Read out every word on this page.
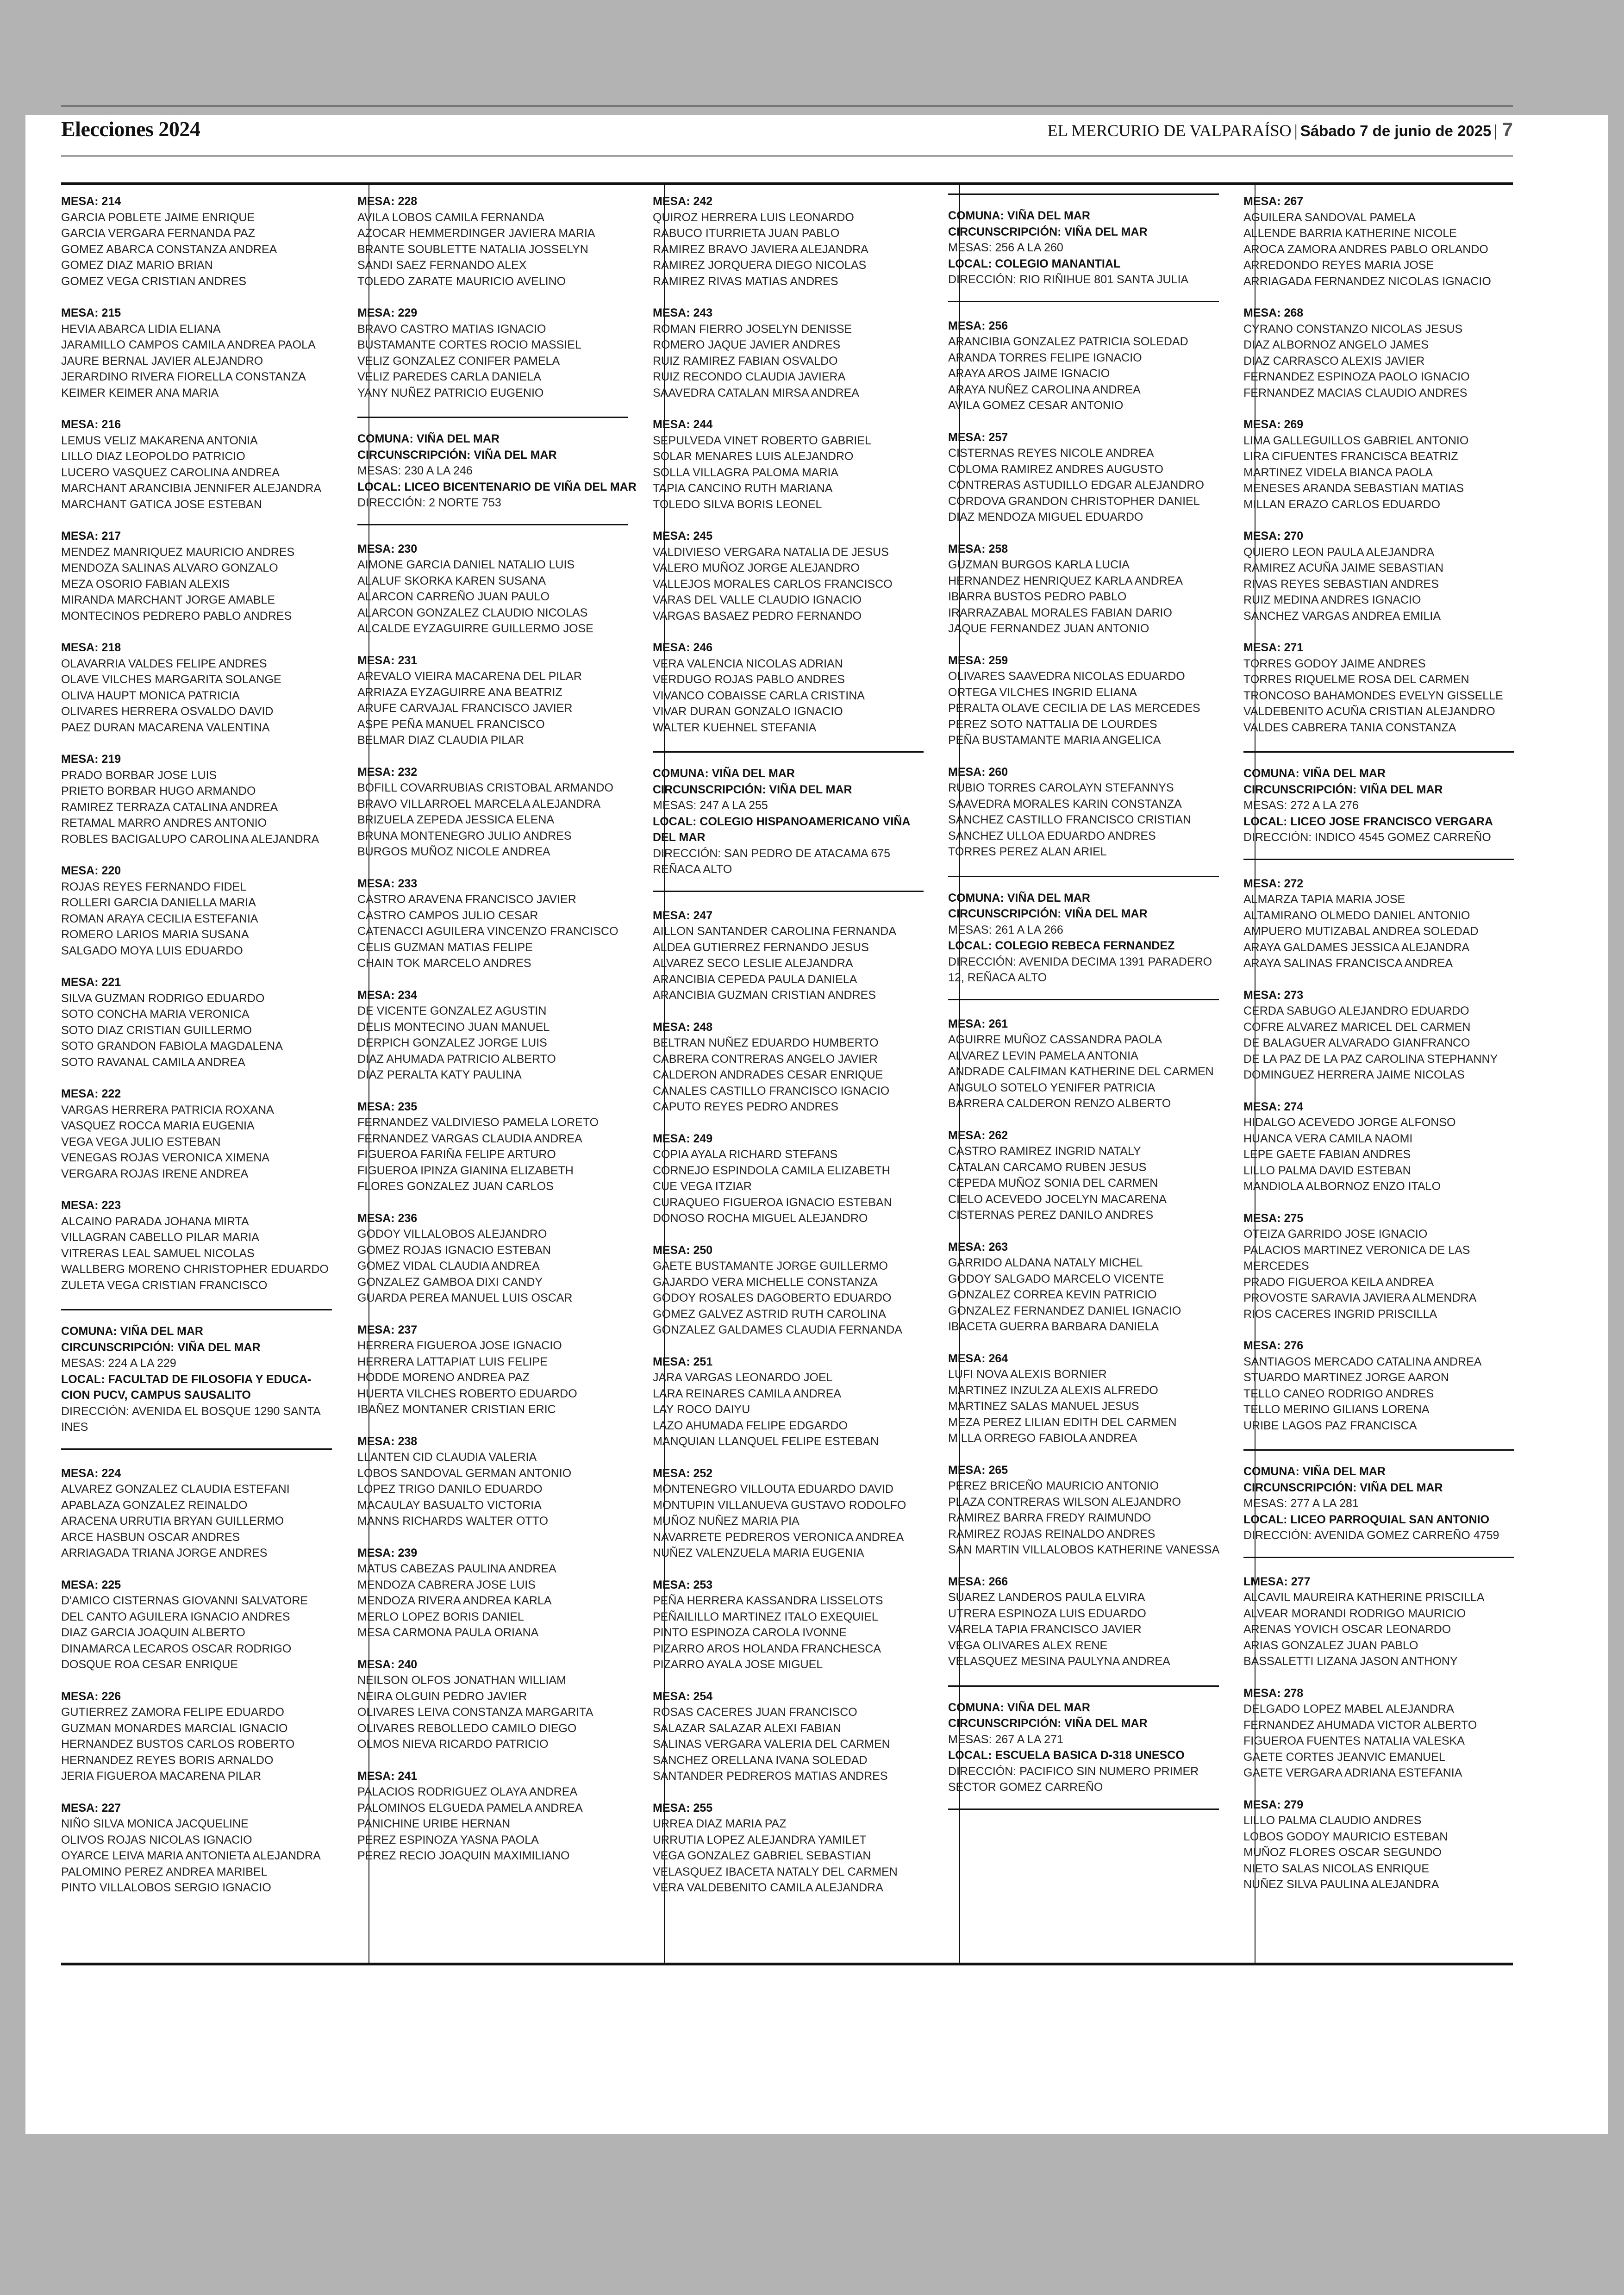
Elecciones 2024	EL MERCURIO DE VALPARAÍSO | Sábado 7 de junio de 2025 | 7
MESA: 214
GARCIA POBLETE JAIME ENRIQUE
GARCIA VERGARA FERNANDA PAZ
GOMEZ ABARCA CONSTANZA ANDREA
GOMEZ DIAZ MARIO BRIAN
GOMEZ VEGA CRISTIAN ANDRES
MESA: 215
HEVIA ABARCA LIDIA ELIANA
JARAMILLO CAMPOS CAMILA ANDREA PAOLA
JAURE BERNAL JAVIER ALEJANDRO
JERARDINO RIVERA FIORELLA CONSTANZA
KEIMER KEIMER ANA MARIA
MESA: 216
LEMUS VELIZ MAKARENA ANTONIA
LILLO DIAZ LEOPOLDO PATRICIO
LUCERO VASQUEZ CAROLINA ANDREA
MARCHANT ARANCIBIA JENNIFER ALEJANDRA
MARCHANT GATICA JOSE ESTEBAN
MESA: 217
MENDEZ MANRIQUEZ MAURICIO ANDRES
MENDOZA SALINAS ALVARO GONZALO
MEZA OSORIO FABIAN ALEXIS
MIRANDA MARCHANT JORGE AMABLE
MONTECINOS PEDRERO PABLO ANDRES
MESA: 218
OLAVARRIA VALDES FELIPE ANDRES
OLAVE VILCHES MARGARITA SOLANGE
OLIVA HAUPT MONICA PATRICIA
OLIVARES HERRERA OSVALDO DAVID
PAEZ DURAN MACARENA VALENTINA
MESA: 219
PRADO BORBAR JOSE LUIS
PRIETO BORBAR HUGO ARMANDO
RAMIREZ TERRAZA CATALINA ANDREA
RETAMAL MARRO ANDRES ANTONIO
ROBLES BACIGALUPO CAROLINA ALEJANDRA
MESA: 220
ROJAS REYES FERNANDO FIDEL
ROLLERI GARCIA DANIELLA MARIA
ROMAN ARAYA CECILIA ESTEFANIA
ROMERO LARIOS MARIA SUSANA
SALGADO MOYA LUIS EDUARDO
MESA: 221
SILVA GUZMAN RODRIGO EDUARDO
SOTO CONCHA MARIA VERONICA
SOTO DIAZ CRISTIAN GUILLERMO
SOTO GRANDON FABIOLA MAGDALENA
SOTO RAVANAL CAMILA ANDREA
MESA: 222
VARGAS HERRERA PATRICIA ROXANA
VASQUEZ ROCCA MARIA EUGENIA
VEGA VEGA JULIO ESTEBAN
VENEGAS ROJAS VERONICA XIMENA
VERGARA ROJAS IRENE ANDREA
MESA: 223
ALCAINO PARADA JOHANA MIRTA
VILLAGRAN CABELLO PILAR MARIA
VITRERAS LEAL SAMUEL NICOLAS
WALLBERG MORENO CHRISTOPHER EDUARDO
ZULETA VEGA CRISTIAN FRANCISCO
COMUNA: VIÑA DEL MAR
CIRCUNSCRIPCIÓN: VIÑA DEL MAR
MESAS: 224 A LA 229
LOCAL: FACULTAD DE FILOSOFIA Y EDUCA-
CION PUCV, CAMPUS SAUSALITO
DIRECCIÓN: AVENIDA EL BOSQUE 1290 SANTA
INES
MESA: 224
ALVAREZ GONZALEZ CLAUDIA ESTEFANI
APABLAZA GONZALEZ REINALDO
ARACENA URRUTIA BRYAN GUILLERMO
ARCE HASBUN OSCAR ANDRES
ARRIAGADA TRIANA JORGE ANDRES
MESA: 225
D'AMICO CISTERNAS GIOVANNI SALVATORE
DEL CANTO AGUILERA IGNACIO ANDRES
DIAZ GARCIA JOAQUIN ALBERTO
DINAMARCA LECAROS OSCAR RODRIGO
DOSQUE ROA CESAR ENRIQUE
MESA: 226
GUTIERREZ ZAMORA FELIPE EDUARDO
GUZMAN MONARDES MARCIAL IGNACIO
HERNANDEZ BUSTOS CARLOS ROBERTO
HERNANDEZ REYES BORIS ARNALDO
JERIA FIGUEROA MACARENA PILAR
MESA: 227
NIÑO SILVA MONICA JACQUELINE
OLIVOS ROJAS NICOLAS IGNACIO
OYARCE LEIVA MARIA ANTONIETA ALEJANDRA
PALOMINO PEREZ ANDREA MARIBEL
PINTO VILLALOBOS SERGIO IGNACIO
MESA: 228
AVILA LOBOS CAMILA FERNANDA
AZOCAR HEMMERDINGER JAVIERA MARIA
BRANTE SOUBLETTE NATALIA JOSSELYN
SANDI SAEZ FERNANDO ALEX
TOLEDO ZARATE MAURICIO AVELINO
MESA: 229
BRAVO CASTRO MATIAS IGNACIO
BUSTAMANTE CORTES ROCIO MASSIEL
VELIZ GONZALEZ CONIFER PAMELA
VELIZ PAREDES CARLA DANIELA
YANY NUÑEZ PATRICIO EUGENIO
COMUNA: VIÑA DEL MAR
CIRCUNSCRIPCIÓN: VIÑA DEL MAR
MESAS: 230 A LA 246
LOCAL: LICEO BICENTENARIO DE VIÑA DEL MAR
DIRECCIÓN: 2 NORTE 753
MESA: 230
AIMONE GARCIA DANIEL NATALIO LUIS
ALALUF SKORKA KAREN SUSANA
ALARCON CARREÑO JUAN PAULO
ALARCON GONZALEZ CLAUDIO NICOLAS
ALCALDE EYZAGUIRRE GUILLERMO JOSE
MESA: 231
AREVALO VIEIRA MACARENA DEL PILAR
ARRIAZA EYZAGUIRRE ANA BEATRIZ
ARUFE CARVAJAL FRANCISCO JAVIER
ASPE PEÑA MANUEL FRANCISCO
BELMAR DIAZ CLAUDIA PILAR
MESA: 232
BOFILL COVARRUBIAS CRISTOBAL ARMANDO
BRAVO VILLARROEL MARCELA ALEJANDRA
BRIZUELA ZEPEDA JESSICA ELENA
BRUNA MONTENEGRO JULIO ANDRES
BURGOS MUÑOZ NICOLE ANDREA
MESA: 233
CASTRO ARAVENA FRANCISCO JAVIER
CASTRO CAMPOS JULIO CESAR
CATENACCI AGUILERA VINCENZO FRANCISCO
CELIS GUZMAN MATIAS FELIPE
CHAIN TOK MARCELO ANDRES
MESA: 234
DE VICENTE GONZALEZ AGUSTIN
DELIS MONTECINO JUAN MANUEL
DERPICH GONZALEZ JORGE LUIS
DIAZ AHUMADA PATRICIO ALBERTO
DIAZ PERALTA KATY PAULINA
MESA: 235
FERNANDEZ VALDIVIESO PAMELA LORETO
FERNANDEZ VARGAS CLAUDIA ANDREA
FIGUEROA FARIÑA FELIPE ARTURO
FIGUEROA IPINZA GIANINA ELIZABETH
FLORES GONZALEZ JUAN CARLOS
MESA: 236
GODOY VILLALOBOS ALEJANDRO
GOMEZ ROJAS IGNACIO ESTEBAN
GOMEZ VIDAL CLAUDIA ANDREA
GONZALEZ GAMBOA DIXI CANDY
GUARDA PEREA MANUEL LUIS OSCAR
MESA: 237
HERRERA FIGUEROA JOSE IGNACIO
HERRERA LATTAPIAT LUIS FELIPE
HODDE MORENO ANDREA PAZ
HUERTA VILCHES ROBERTO EDUARDO
IBAÑEZ MONTANER CRISTIAN ERIC
MESA: 238
LLANTEN CID CLAUDIA VALERIA
LOBOS SANDOVAL GERMAN ANTONIO
LOPEZ TRIGO DANILO EDUARDO
MACAULAY BASUALTO VICTORIA
MANNS RICHARDS WALTER OTTO
MESA: 239
MATUS CABEZAS PAULINA ANDREA
MENDOZA CABRERA JOSE LUIS
MENDOZA RIVERA ANDREA KARLA
MERLO LOPEZ BORIS DANIEL
MESA CARMONA PAULA ORIANA
MESA: 240
NEILSON OLFOS JONATHAN WILLIAM
NEIRA OLGUIN PEDRO JAVIER
OLIVARES LEIVA CONSTANZA MARGARITA
OLIVARES REBOLLEDO CAMILO DIEGO
OLMOS NIEVA RICARDO PATRICIO
MESA: 241
PALACIOS RODRIGUEZ OLAYA ANDREA
PALOMINOS ELGUEDA PAMELA ANDREA
PANICHINE URIBE HERNAN
PEREZ ESPINOZA YASNA PAOLA
PEREZ RECIO JOAQUIN MAXIMILIANO
MESA: 242
QUIROZ HERRERA LUIS LEONARDO
RABUCO ITURRIETA JUAN PABLO
RAMIREZ BRAVO JAVIERA ALEJANDRA
RAMIREZ JORQUERA DIEGO NICOLAS
RAMIREZ RIVAS MATIAS ANDRES
MESA: 243
ROMAN FIERRO JOSELYN DENISSE
ROMERO JAQUE JAVIER ANDRES
RUIZ RAMIREZ FABIAN OSVALDO
RUIZ RECONDO CLAUDIA JAVIERA
SAAVEDRA CATALAN MIRSA ANDREA
MESA: 244
SEPULVEDA VINET ROBERTO GABRIEL
SOLAR MENARES LUIS ALEJANDRO
SOLLA VILLAGRA PALOMA MARIA
TAPIA CANCINO RUTH MARIANA
TOLEDO SILVA BORIS LEONEL
MESA: 245
VALDIVIESO VERGARA NATALIA DE JESUS
VALERO MUÑOZ JORGE ALEJANDRO
VALLEJOS MORALES CARLOS FRANCISCO
VARAS DEL VALLE CLAUDIO IGNACIO
VARGAS BASAEZ PEDRO FERNANDO
MESA: 246
VERA VALENCIA NICOLAS ADRIAN
VERDUGO ROJAS PABLO ANDRES
VIVANCO COBAISSE CARLA CRISTINA
VIVAR DURAN GONZALO IGNACIO
WALTER KUEHNEL STEFANIA
COMUNA: VIÑA DEL MAR
CIRCUNSCRIPCIÓN: VIÑA DEL MAR
MESAS: 247 A LA 255
LOCAL: COLEGIO HISPANOAMERICANO VIÑA
DEL MAR
DIRECCIÓN: SAN PEDRO DE ATACAMA 675
REÑACA ALTO
MESA: 247
AILLON SANTANDER CAROLINA FERNANDA
ALDEA GUTIERREZ FERNANDO JESUS
ALVAREZ SECO LESLIE ALEJANDRA
ARANCIBIA CEPEDA PAULA DANIELA
ARANCIBIA GUZMAN CRISTIAN ANDRES
MESA: 248
BELTRAN NUÑEZ EDUARDO HUMBERTO
CABRERA CONTRERAS ANGELO JAVIER
CALDERON ANDRADES CESAR ENRIQUE
CANALES CASTILLO FRANCISCO IGNACIO
CAPUTO REYES PEDRO ANDRES
MESA: 249
COPIA AYALA RICHARD STEFANS
CORNEJO ESPINDOLA CAMILA ELIZABETH
CUE VEGA ITZIAR
CURAQUEO FIGUEROA IGNACIO ESTEBAN
DONOSO ROCHA MIGUEL ALEJANDRO
MESA: 250
GAETE BUSTAMANTE JORGE GUILLERMO
GAJARDO VERA MICHELLE CONSTANZA
GODOY ROSALES DAGOBERTO EDUARDO
GOMEZ GALVEZ ASTRID RUTH CAROLINA
GONZALEZ GALDAMES CLAUDIA FERNANDA
MESA: 251
JARA VARGAS LEONARDO JOEL
LARA REINARES CAMILA ANDREA
LAY ROCO DAIYU
LAZO AHUMADA FELIPE EDGARDO
MANQUIAN LLANQUEL FELIPE ESTEBAN
MESA: 252
MONTENEGRO VILLOUTA EDUARDO DAVID
MONTUPIN VILLANUEVA GUSTAVO RODOLFO
MUÑOZ NUÑEZ MARIA PIA
NAVARRETE PEDREROS VERONICA ANDREA
NUÑEZ VALENZUELA MARIA EUGENIA
MESA: 253
PEÑA HERRERA KASSANDRA LISSELOTS
PEÑAILILLO MARTINEZ ITALO EXEQUIEL
PINTO ESPINOZA CAROLA IVONNE
PIZARRO AROS HOLANDA FRANCHESCA
PIZARRO AYALA JOSE MIGUEL
MESA: 254
ROSAS CACERES JUAN FRANCISCO
SALAZAR SALAZAR ALEXI FABIAN
SALINAS VERGARA VALERIA DEL CARMEN
SANCHEZ ORELLANA IVANA SOLEDAD
SANTANDER PEDREROS MATIAS ANDRES
MESA: 255
URREA DIAZ MARIA PAZ
URRUTIA LOPEZ ALEJANDRA YAMILET
VEGA GONZALEZ GABRIEL SEBASTIAN
VELASQUEZ IBACETA NATALY DEL CARMEN
VERA VALDEBENITO CAMILA ALEJANDRA
COMUNA: VIÑA DEL MAR
CIRCUNSCRIPCIÓN: VIÑA DEL MAR
MESAS: 256 A LA 260
LOCAL: COLEGIO MANANTIAL
DIRECCIÓN: RIO RIÑIHUE 801 SANTA JULIA
MESA: 256
ARANCIBIA GONZALEZ PATRICIA SOLEDAD
ARANDA TORRES FELIPE IGNACIO
ARAYA AROS JAIME IGNACIO
ARAYA NUÑEZ CAROLINA ANDREA
AVILA GOMEZ CESAR ANTONIO
MESA: 257
CISTERNAS REYES NICOLE ANDREA
COLOMA RAMIREZ ANDRES AUGUSTO
CONTRERAS ASTUDILLO EDGAR ALEJANDRO
CORDOVA GRANDON CHRISTOPHER DANIEL
DIAZ MENDOZA MIGUEL EDUARDO
MESA: 258
GUZMAN BURGOS KARLA LUCIA
HERNANDEZ HENRIQUEZ KARLA ANDREA
IBARRA BUSTOS PEDRO PABLO
IRARRAZABAL MORALES FABIAN DARIO
JAQUE FERNANDEZ JUAN ANTONIO
MESA: 259
OLIVARES SAAVEDRA NICOLAS EDUARDO
ORTEGA VILCHES INGRID ELIANA
PERALTA OLAVE CECILIA DE LAS MERCEDES
PEREZ SOTO NATTALIA DE LOURDES
PEÑA BUSTAMANTE MARIA ANGELICA
MESA: 260
RUBIO TORRES CAROLAYN STEFANNYS
SAAVEDRA MORALES KARIN CONSTANZA
SANCHEZ CASTILLO FRANCISCO CRISTIAN
SANCHEZ ULLOA EDUARDO ANDRES
TORRES PEREZ ALAN ARIEL
COMUNA: VIÑA DEL MAR
CIRCUNSCRIPCIÓN: VIÑA DEL MAR
MESAS: 261 A LA 266
LOCAL: COLEGIO REBECA FERNANDEZ
DIRECCIÓN: AVENIDA DECIMA 1391 PARADERO
12, REÑACA ALTO
MESA: 261
AGUIRRE MUÑOZ CASSANDRA PAOLA
ALVAREZ LEVIN PAMELA ANTONIA
ANDRADE CALFIMAN KATHERINE DEL CARMEN
ANGULO SOTELO YENIFER PATRICIA
BARRERA CALDERON RENZO ALBERTO
MESA: 262
CASTRO RAMIREZ INGRID NATALY
CATALAN CARCAMO RUBEN JESUS
CEPEDA MUÑOZ SONIA DEL CARMEN
CIELO ACEVEDO JOCELYN MACARENA
CISTERNAS PEREZ DANILO ANDRES
MESA: 263
GARRIDO ALDANA NATALY MICHEL
GODOY SALGADO MARCELO VICENTE
GONZALEZ CORREA KEVIN PATRICIO
GONZALEZ FERNANDEZ DANIEL IGNACIO
IBACETA GUERRA BARBARA DANIELA
MESA: 264
LUFI NOVA ALEXIS BORNIER
MARTINEZ INZULZA ALEXIS ALFREDO
MARTINEZ SALAS MANUEL JESUS
MEZA PEREZ LILIAN EDITH DEL CARMEN
MILLA ORREGO FABIOLA ANDREA
MESA: 265
PEREZ BRICEÑO MAURICIO ANTONIO
PLAZA CONTRERAS WILSON ALEJANDRO
RAMIREZ BARRA FREDY RAIMUNDO
RAMIREZ ROJAS REINALDO ANDRES
SAN MARTIN VILLALOBOS KATHERINE VANESSA
MESA: 266
SUAREZ LANDEROS PAULA ELVIRA
UTRERA ESPINOZA LUIS EDUARDO
VARELA TAPIA FRANCISCO JAVIER
VEGA OLIVARES ALEX RENE
VELASQUEZ MESINA PAULYNA ANDREA
COMUNA: VIÑA DEL MAR
CIRCUNSCRIPCIÓN: VIÑA DEL MAR
MESAS: 267 A LA 271
LOCAL: ESCUELA BASICA D-318 UNESCO
DIRECCIÓN: PACIFICO SIN NUMERO PRIMER
SECTOR GOMEZ CARREÑO
MESA: 267
AGUILERA SANDOVAL PAMELA
ALLENDE BARRIA KATHERINE NICOLE
AROCA ZAMORA ANDRES PABLO ORLANDO
ARREDONDO REYES MARIA JOSE
ARRIAGADA FERNANDEZ NICOLAS IGNACIO
MESA: 268
CYRANO CONSTANZO NICOLAS JESUS
DIAZ ALBORNOZ ANGELO JAMES
DIAZ CARRASCO ALEXIS JAVIER
FERNANDEZ ESPINOZA PAOLO IGNACIO
FERNANDEZ MACIAS CLAUDIO ANDRES
MESA: 269
LIMA GALLEGUILLOS GABRIEL ANTONIO
LIRA CIFUENTES FRANCISCA BEATRIZ
MARTINEZ VIDELA BIANCA PAOLA
MENESES ARANDA SEBASTIAN MATIAS
MILLAN ERAZO CARLOS EDUARDO
MESA: 270
QUIERO LEON PAULA ALEJANDRA
RAMIREZ ACUÑA JAIME SEBASTIAN
RIVAS REYES SEBASTIAN ANDRES
RUIZ MEDINA ANDRES IGNACIO
SANCHEZ VARGAS ANDREA EMILIA
MESA: 271
TORRES GODOY JAIME ANDRES
TORRES RIQUELME ROSA DEL CARMEN
TRONCOSO BAHAMONDES EVELYN GISSELLE
VALDEBENITO ACUÑA CRISTIAN ALEJANDRO
VALDES CABRERA TANIA CONSTANZA
COMUNA: VIÑA DEL MAR
CIRCUNSCRIPCIÓN: VIÑA DEL MAR
MESAS: 272 A LA 276
LOCAL: LICEO JOSE FRANCISCO VERGARA
DIRECCIÓN: INDICO 4545 GOMEZ CARREÑO
MESA: 272
ALMARZA TAPIA MARIA JOSE
ALTAMIRANO OLMEDO DANIEL ANTONIO
AMPUERO MUTIZABAL ANDREA SOLEDAD
ARAYA GALDAMES JESSICA ALEJANDRA
ARAYA SALINAS FRANCISCA ANDREA
MESA: 273
CERDA SABUGO ALEJANDRO EDUARDO
COFRE ALVAREZ MARICEL DEL CARMEN
DE BALAGUER ALVARADO GIANFRANCO
DE LA PAZ DE LA PAZ CAROLINA STEPHANNY
DOMINGUEZ HERRERA JAIME NICOLAS
MESA: 274
HIDALGO ACEVEDO JORGE ALFONSO
HUANCA VERA CAMILA NAOMI
LEPE GAETE FABIAN ANDRES
LILLO PALMA DAVID ESTEBAN
MANDIOLA ALBORNOZ ENZO ITALO
MESA: 275
OTEIZA GARRIDO JOSE IGNACIO
PALACIOS MARTINEZ VERONICA DE LAS
MERCEDES
PRADO FIGUEROA KEILA ANDREA
PROVOSTE SARAVIA JAVIERA ALMENDRA
RIOS CACERES INGRID PRISCILLA
MESA: 276
SANTIAGOS MERCADO CATALINA ANDREA
STUARDO MARTINEZ JORGE AARON
TELLO CANEO RODRIGO ANDRES
TELLO MERINO GILIANS LORENA
URIBE LAGOS PAZ FRANCISCA
COMUNA: VIÑA DEL MAR
CIRCUNSCRIPCIÓN: VIÑA DEL MAR
MESAS: 277 A LA 281
LOCAL: LICEO PARROQUIAL SAN ANTONIO
DIRECCIÓN: AVENIDA GOMEZ CARREÑO 4759
LMESA: 277
ALCAVIL MAUREIRA KATHERINE PRISCILLA
ALVEAR MORANDI RODRIGO MAURICIO
ARENAS YOVICH OSCAR LEONARDO
ARIAS GONZALEZ JUAN PABLO
BASSALETTI LIZANA JASON ANTHONY
MESA: 278
DELGADO LOPEZ MABEL ALEJANDRA
FERNANDEZ AHUMADA VICTOR ALBERTO
FIGUEROA FUENTES NATALIA VALESKA
GAETE CORTES JEANVIC EMANUEL
GAETE VERGARA ADRIANA ESTEFANIA
MESA: 279
LILLO PALMA CLAUDIO ANDRES
LOBOS GODOY MAURICIO ESTEBAN
MUÑOZ FLORES OSCAR SEGUNDO
NIETO SALAS NICOLAS ENRIQUE
NUÑEZ SILVA PAULINA ALEJANDRA
